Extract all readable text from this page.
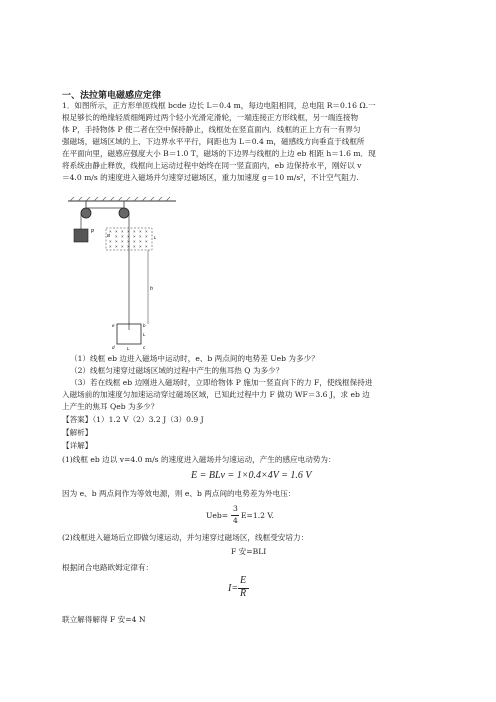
一、法拉第电磁感应定律
1．如图所示，正方形单匝线框 bcde 边长 L＝0.4 m，每边电阻相同，总电阻 R＝0.16 Ω.一
根足够长的绝缘轻质细绳跨过两个轻小光滑定滑轮，一端连接正方形线框，另一端连接物
体 P，手持物体 P 使二者在空中保持静止，线框处在竖直面内．线框的正上方有一有界匀
强磁场，磁场区域的上、下边界水平平行，间距也为 L＝0.4 m，磁感线方向垂直于线框所
在平面向里，磁感应强度大小 B＝1.0 T，磁场的下边界与线框的上边 eb 相距 h＝1.6 m．现
将系统由静止释放，线框向上运动过程中始终在同一竖直面内，eb 边保持水平，刚好以 v
＝4.0 m/s 的速度进入磁场并匀速穿过磁场区，重力加速度 g＝10 m/s²，不计空气阻力.
P	× × × × × × ×
× × × × × ×
× × × × × × ×
× × × × × × ×
B	L
h
e	b
L
d	L	c
（1）线框 eb 边进入磁场中运动时，e、b 两点间的电势差 Ueb 为多少？
（2）线框匀速穿过磁场区域的过程中产生的焦耳热 Q 为多少？
（3）若在线框 eb 边刚进入磁场时，立即给物体 P 施加一竖直向下的力 F，使线框保持进
入磁场前的加速度匀加速运动穿过磁场区域，已知此过程中力 F 做功 WF＝3.6 J，求 eb 边
上产生的焦耳 Qeb 为多少？
【答案】（1）1.2 V（2）3.2 J（3）0.9 J
【解析】
【详解】
(1)线框 eb 边以 v=4.0 m/s 的速度进入磁场并匀速运动，产生的感应电动势为：
E = BLv = 1×0.4×4V = 1.6 V
因为 e、b 两点间作为等效电源，则 e、b 两点间的电势差为外电压：
Ueb=
3
4
E=1.2 V.
(2)线框进入磁场后立即做匀速运动，并匀速穿过磁场区，线框受安培力：
F 安=BLI
根据闭合电路欧姆定律有：
I=
E
R
联立解得解得 F 安=4 N
